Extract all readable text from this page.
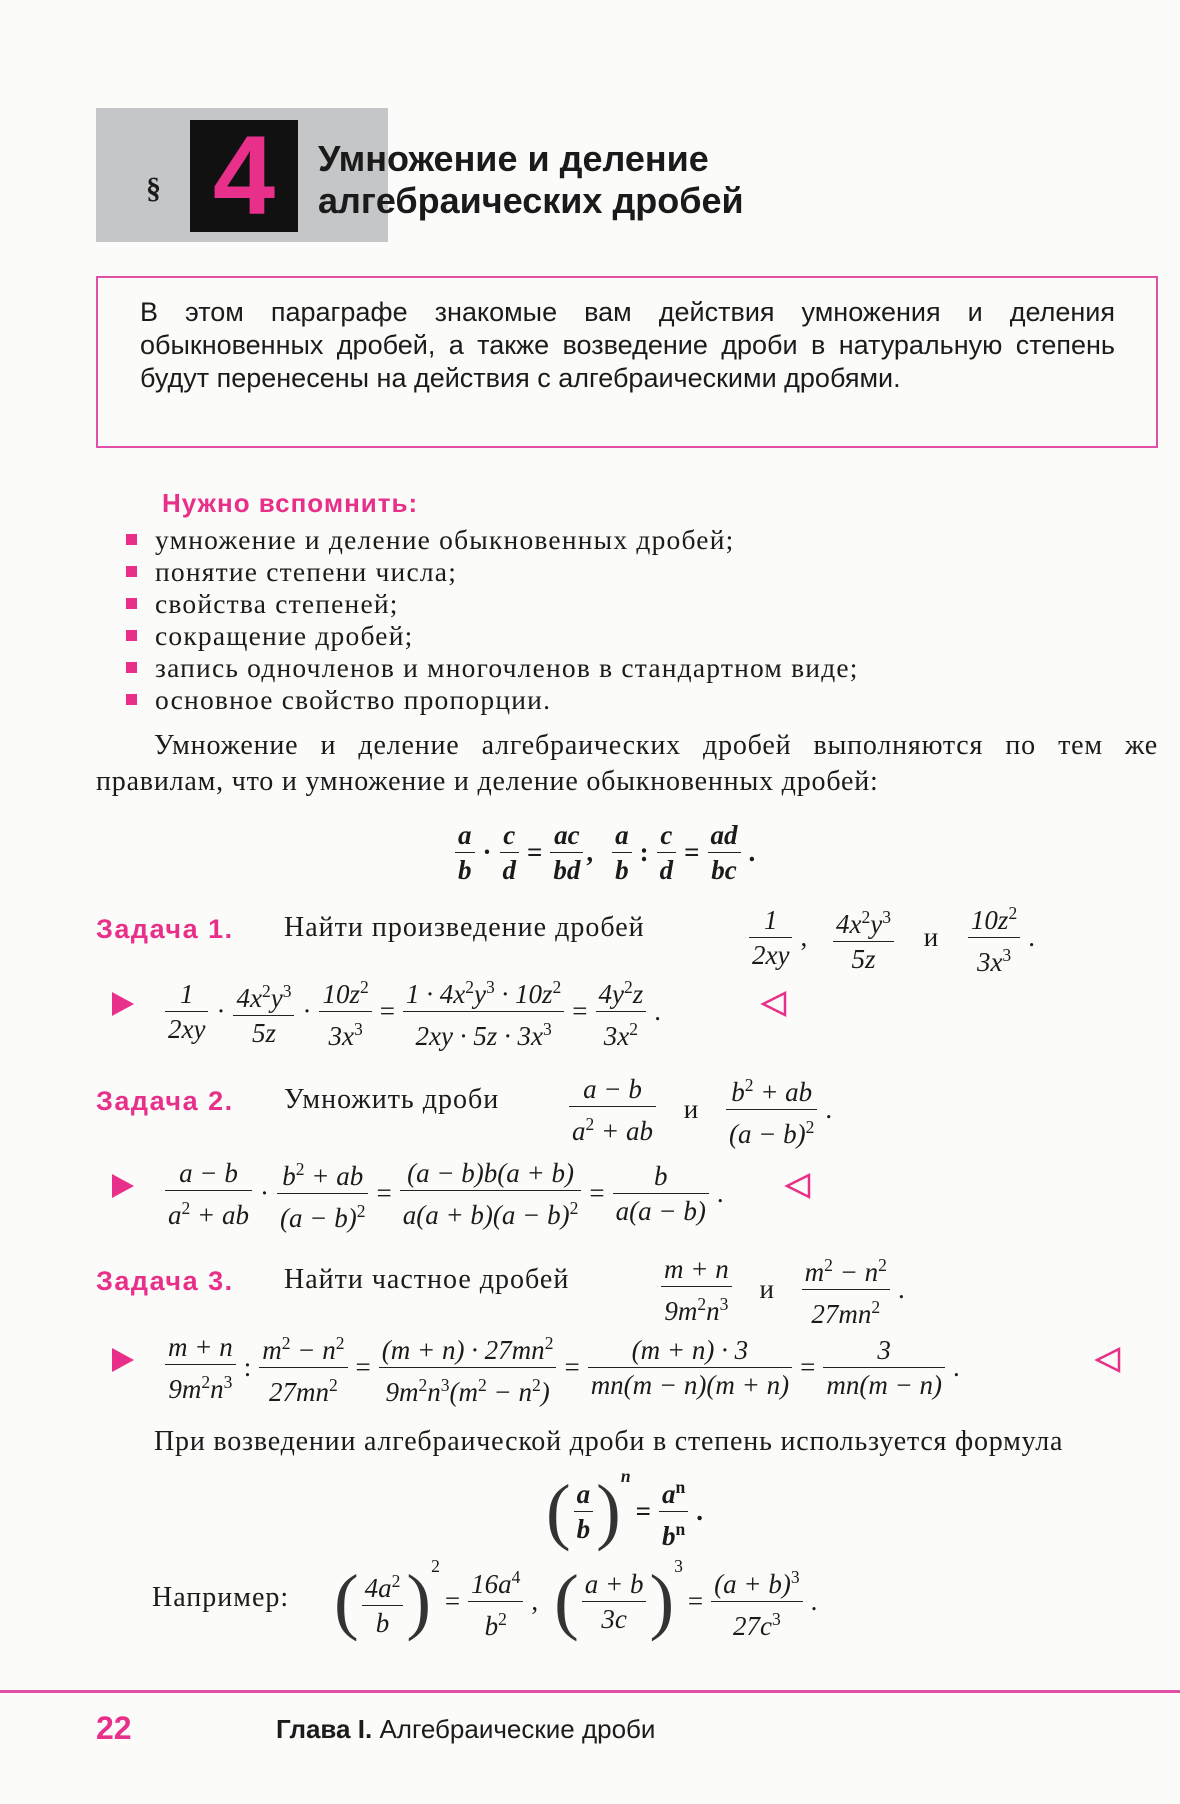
4
§
Умножение и деление
алгебраических дробей
В этом параграфе знакомые вам действия умножения и деления обыкновенных дробей, а также возведение дроби в натуральную степень будут перенесены на действия с алгебраическими дробями.
Нужно вспомнить:
умножение и деление обыкновенных дробей;
понятие степени числа;
свойства степеней;
сокращение дробей;
запись одночленов и многочленов в стандартном виде;
основное свойство пропорции.
Умножение и деление алгебраических дробей выполняются по тем же правилам, что и умножение и деление обыкновенных дробей:
$\frac{a}{b} \cdot \frac{c}{d} = \frac{ac}{bd}$ , $\frac{a}{b}$ : $\frac{c}{d} = \frac{ad}{bc}$ .
Задача 1. Найти произведение дробей	$\frac{1}{2xy}$ , $\frac{4x^2y^3}{5z}$ и $\frac{10z^2}{3x^3}$ .
$\frac{1}{2xy} \cdot \frac{4x^2y^3}{5z} \cdot \frac{10z^2}{3x^3} = \frac{1 \cdot 4x^2y^3 \cdot 10z^2}{2xy \cdot 5z \cdot 3x^3} = \frac{4y^2z}{3x^2}$ .
Задача 2. Умножить дроби	$\frac{a - b}{a^2 + ab}$ и $\frac{b^2 + ab}{(a - b)^2}$ .
$\frac{a - b}{a^2 + ab} \cdot \frac{b^2 + ab}{(a - b)^2} = \frac{(a - b)b(a + b)}{a(a + b)(a - b)^2} = \frac{b}{a(a - b)}$ .
Задача 3. Найти частное дробей	$\frac{m + n}{9m^2n^3}$ и $\frac{m^2 - n^2}{27mn^2}$ .
$\frac{m + n}{9m^2n^3}$ : $\frac{m^2 - n^2}{27mn^2} = \frac{(m + n) \cdot 27mn^2}{9m^2n^3(m^2 - n^2)} = \frac{(m + n) \cdot 3}{mn(m - n)(m + n)} = \frac{3}{mn(m - n)}$ .
При возведении алгебраической дроби в степень используется формула
( $\frac{a}{b} )^n= \frac{a^n}{b^n}$ .
Например: ( $\frac{4a^2}{b} )^2= \frac{16a^4}{b^2}$ , ( $\frac{a + b}{3c} )^3= \frac{(a + b)^3}{27c^3}$ .
22	Глава I. Алгебраические дроби
